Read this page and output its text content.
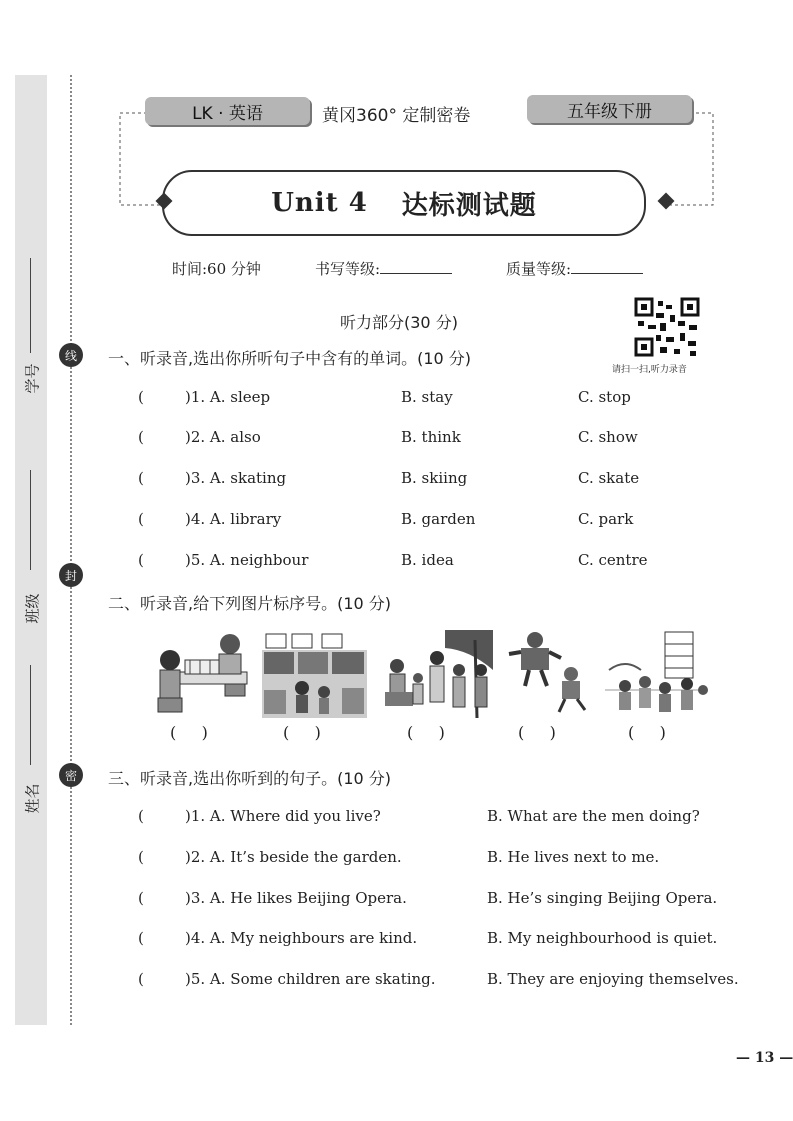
学号
班级
姓名
线
封
密
LK · 英语	黄冈360° 定制密卷	五年级下册
Unit 4 达标测试题
时间:60 分钟	书写等级:	质量等级:
听力部分(30 分)
请扫一扫,听力录音
一、听录音,选出你所听句子中含有的单词。(10 分)
(	)1. A. sleep	B. stay	C. stop
(	)2. A. also	B. think	C. show
(	)3. A. skating	B. skiing	C. skate
(	)4. A. library	B. garden	C. park
(	)5. A. neighbour	B. idea	C. centre
二、听录音,给下列图片标序号。(10 分)
(     )	(     )	(     )	(     )	(     )
三、听录音,选出你听到的句子。(10 分)
(	)1. A. Where did you live?	B. What are the men doing?
(	)2. A. It’s beside the garden.	B. He lives next to me.
(	)3. A. He likes Beijing Opera.	B. He’s singing Beijing Opera.
(	)4. A. My neighbours are kind.	B. My neighbourhood is quiet.
(	)5. A. Some children are skating.	B. They are enjoying themselves.
— 13 —
